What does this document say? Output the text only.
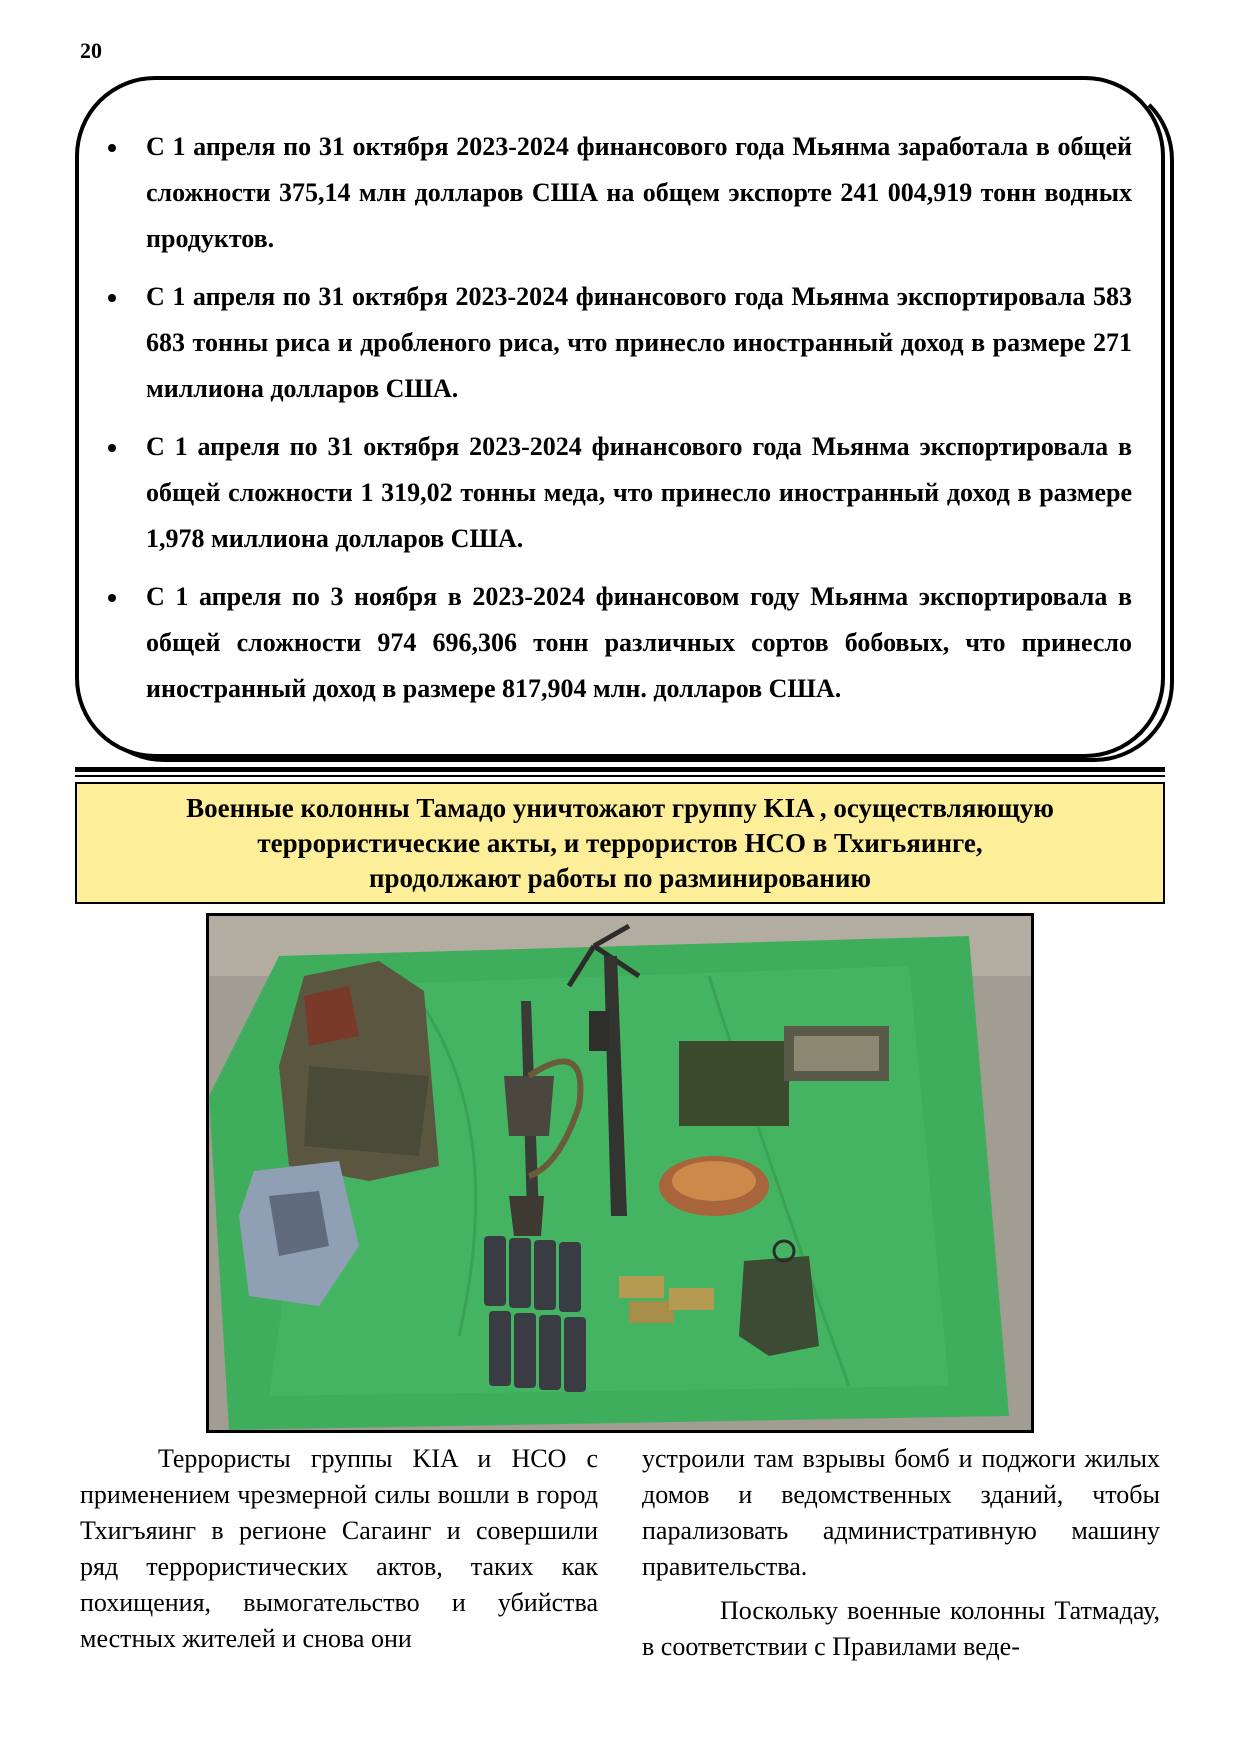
20
С 1 апреля по 31 октября 2023-2024 финансового года Мьянма заработала в общей сложности 375,14 млн долларов США на общем экспорте 241 004,919 тонн водных продуктов.
С 1 апреля по 31 октября 2023-2024 финансового года Мьянма экспортировала 583 683 тонны риса и дробленого риса, что принесло иностранный доход в размере 271 миллиона долларов США.
С 1 апреля по 31 октября 2023-2024 финансового года Мьянма экспортировала в общей сложности 1 319,02 тонны меда, что принесло иностранный доход в размере 1,978 миллиона долларов США.
С 1 апреля по 3 ноября в 2023-2024 финансовом году Мьянма экспортировала в общей сложности 974 696,306 тонн различных сортов бобовых, что принесло иностранный доход в размере 817,904 млн. долларов США.
Военные колонны Тамадо уничтожают группу KIA , осуществляющую
террористические акты, и террористов НСО в Тхигьяинге,
продолжают работы по разминированию

Террористы группы KIA и НСО с применением чрезмерной силы вошли в город Тхигъяинг в регионе Сагаинг и совершили ряд террористических актов, таких как похищения, вымогательство и убийства местных жителей и снова они

устроили там взрывы бомб и поджоги жилых домов и ведомственных зданий, чтобы парализовать административную машину правительства.

Поскольку военные колонны Татмадау, в соответствии с Правилами веде-
